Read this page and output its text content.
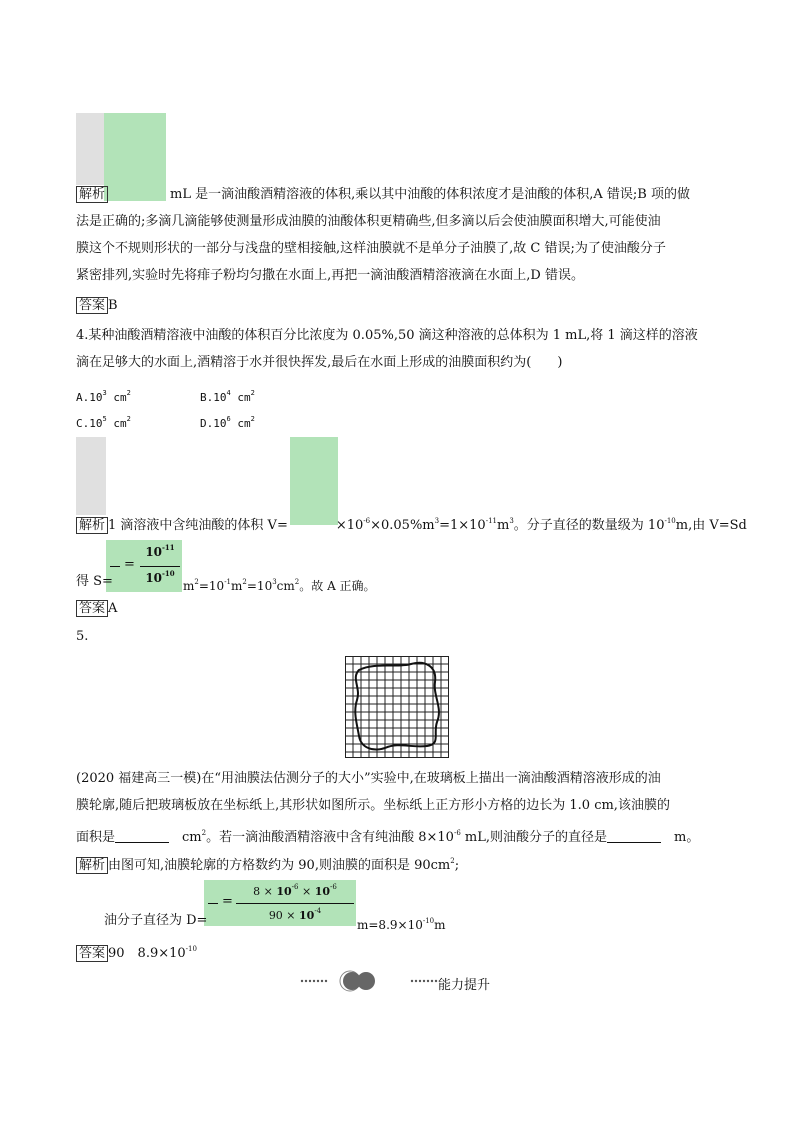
解析	mL 是一滴油酸酒精溶液的体积,乘以其中油酸的体积浓度才是油酸的体积,A 错误;B 项的做
法是正确的;多滴几滴能够使测量形成油膜的油酸体积更精确些,但多滴以后会使油膜面积增大,可能使油
膜这个不规则形状的一部分与浅盘的壁相接触,这样油膜就不是单分子油膜了,故 C 错误;为了使油酸分子
紧密排列,实验时先将痱子粉均匀撒在水面上,再把一滴油酸酒精溶液滴在水面上,D 错误。
答案 B
4.某种油酸酒精溶液中油酸的体积百分比浓度为 0.05%,50 滴这种溶液的总体积为 1 mL,将 1 滴这样的溶液
滴在足够大的水面上,酒精溶于水并很快挥发,最后在水面上形成的油膜面积约为(　　)
$A.10^3$ $cm^2$	$B.10^4$ $cm^2$
$C.10^5$ $cm^2$	$D.10^6$ $cm^2$
解析 1 滴溶液中含纯油酸的体积 V=	$\times 10^{-6}\times 0.05\%m^3=1\times 10^{-11}m^3$。分子直径的数量级为 $10^{-10}m$,由 V=Sd
=
$10^{-11}$
$10^{-10}$
得 S=	$m^2=10^{-1}m^2=10^3cm^2$。故 A 正确。
答案 A
5.
(2020 福建高三一模)在“用油膜法估测分子的大小”实验中,在玻璃板上描出一滴油酸酒精溶液形成的油
膜轮廓,随后把玻璃板放在坐标纸上,其形状如图所示。坐标纸上正方形小方格的边长为 1.0 cm,该油膜的
面积是　	$cm^2$。若一滴油酸酒精溶液中含有纯油酸 $8\times 10^{-6}$ mL,则油酸分子的直径是　	m。
解析 由图可知,油膜轮廓的方格数约为 90,则油膜的面积是 $90cm^2$;
=
$8 \times 10^{-6} \times 10^{-6}$
$90 \times 10^{-4}$
油分子直径为 D=	$m=8.9\times 10^{-10}m$
答案 90　$8.9\times 10^{-10}$
能力提升
